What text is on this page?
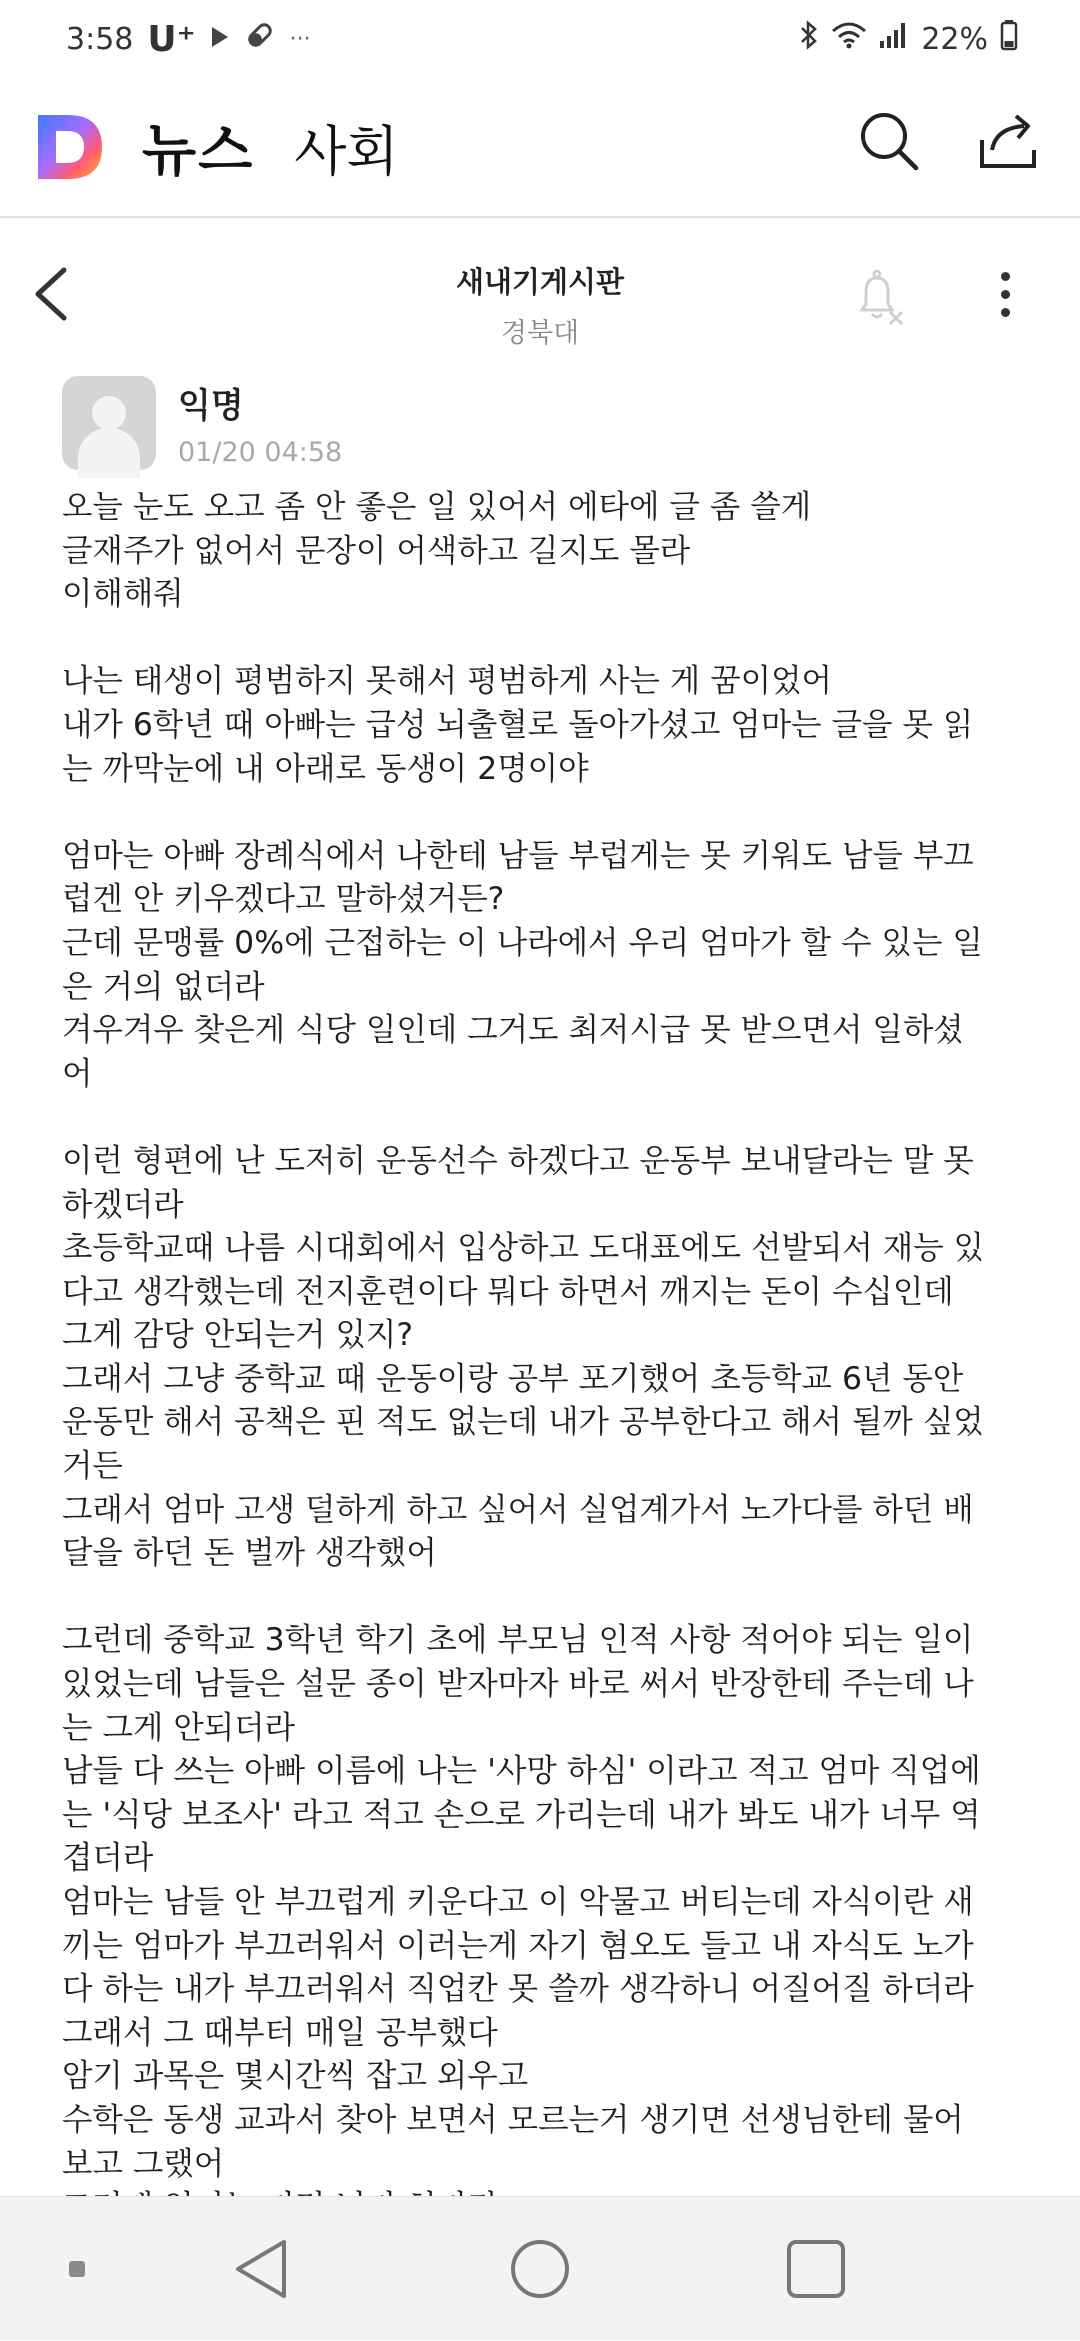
3:58 U⁺	···	22%
뉴스 사회
새내기게시판
경북대
익명
01/20 04:58
오늘 눈도 오고 좀 안 좋은 일 있어서 에타에 글 좀 쓸게
글재주가 없어서 문장이 어색하고 길지도 몰라
이해해줘
나는 태생이 평범하지 못해서 평범하게 사는 게 꿈이었어
내가 6학년 때 아빠는 급성 뇌출혈로 돌아가셨고 엄마는 글을 못 읽
는 까막눈에 내 아래로 동생이 2명이야
엄마는 아빠 장례식에서 나한테 남들 부럽게는 못 키워도 남들 부끄
럽겐 안 키우겠다고 말하셨거든?
근데 문맹률 0%에 근접하는 이 나라에서 우리 엄마가 할 수 있는 일
은 거의 없더라
겨우겨우 찾은게 식당 일인데 그거도 최저시급 못 받으면서 일하셨
어
이런 형편에 난 도저히 운동선수 하겠다고 운동부 보내달라는 말 못
하겠더라
초등학교때 나름 시대회에서 입상하고 도대표에도 선발되서 재능 있
다고 생각했는데 전지훈련이다 뭐다 하면서 깨지는 돈이 수십인데
그게 감당 안되는거 있지?
그래서 그냥 중학교 때 운동이랑 공부 포기했어 초등학교 6년 동안
운동만 해서 공책은 핀 적도 없는데 내가 공부한다고 해서 될까 싶었
거든
그래서 엄마 고생 덜하게 하고 싶어서 실업계가서 노가다를 하던 배
달을 하던 돈 벌까 생각했어
그런데 중학교 3학년 학기 초에 부모님 인적 사항 적어야 되는 일이
있었는데 남들은 설문 종이 받자마자 바로 써서 반장한테 주는데 나
는 그게 안되더라
남들 다 쓰는 아빠 이름에 나는 '사망 하심' 이라고 적고 엄마 직업에
는 '식당 보조사' 라고 적고 손으로 가리는데 내가 봐도 내가 너무 역
겹더라
엄마는 남들 안 부끄럽게 키운다고 이 악물고 버티는데 자식이란 새
끼는 엄마가 부끄러워서 이러는게 자기 혐오도 들고 내 자식도 노가
다 하는 내가 부끄러워서 직업칸 못 쓸까 생각하니 어질어질 하더라
그래서 그 때부터 매일 공부했다
암기 과목은 몇시간씩 잡고 외우고
수학은 동생 교과서 찾아 보면서 모르는거 생기면 선생님한테 물어
보고 그랬어
